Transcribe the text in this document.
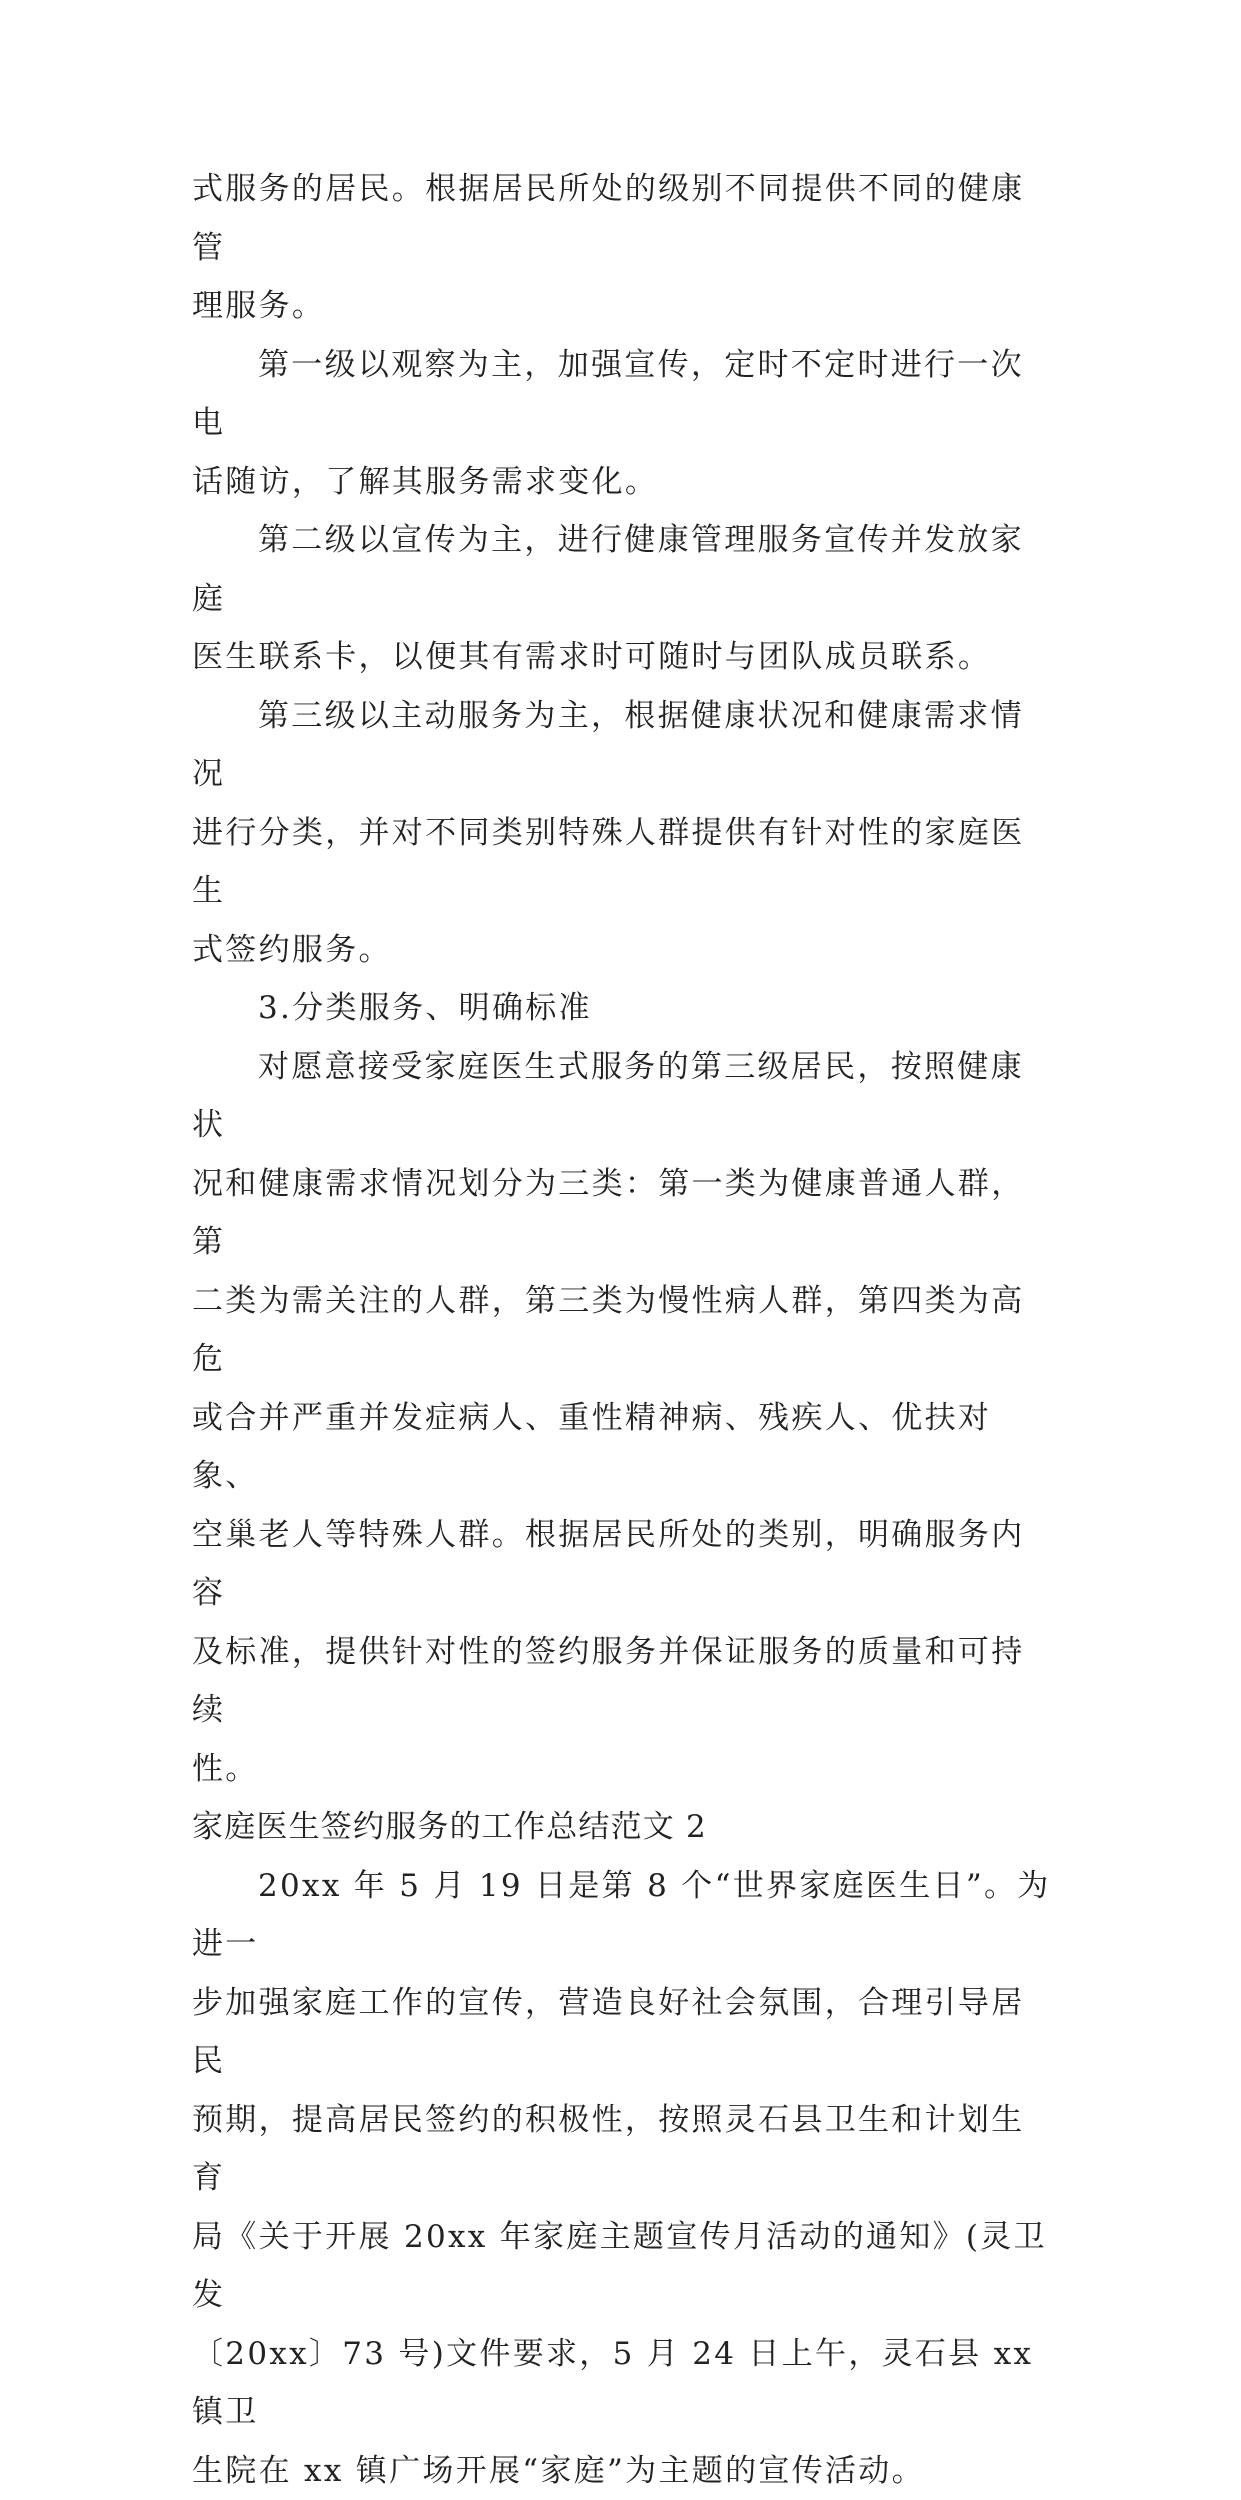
式服务的居民。根据居民所处的级别不同提供不同的健康管
理服务。

第一级以观察为主，加强宣传，定时不定时进行一次电
话随访，了解其服务需求变化。

第二级以宣传为主，进行健康管理服务宣传并发放家庭
医生联系卡，以便其有需求时可随时与团队成员联系。

第三级以主动服务为主，根据健康状况和健康需求情况
进行分类，并对不同类别特殊人群提供有针对性的家庭医生
式签约服务。

3.分类服务、明确标准

对愿意接受家庭医生式服务的第三级居民，按照健康状
况和健康需求情况划分为三类：第一类为健康普通人群，第
二类为需关注的人群，第三类为慢性病人群，第四类为高危
或合并严重并发症病人、重性精神病、残疾人、优扶对象、
空巢老人等特殊人群。根据居民所处的类别，明确服务内容
及标准，提供针对性的签约服务并保证服务的质量和可持续
性。

家庭医生签约服务的工作总结范文 2

20xx 年 5 月 19 日是第 8 个“世界家庭医生日”。为进一
步加强家庭工作的宣传，营造良好社会氛围，合理引导居民
预期，提高居民签约的积极性，按照灵石县卫生和计划生育
局《关于开展 20xx 年家庭主题宣传月活动的通知》(灵卫发
〔20xx〕73 号)文件要求，5 月 24 日上午，灵石县 xx 镇卫
生院在 xx 镇广场开展“家庭”为主题的宣传活动。
